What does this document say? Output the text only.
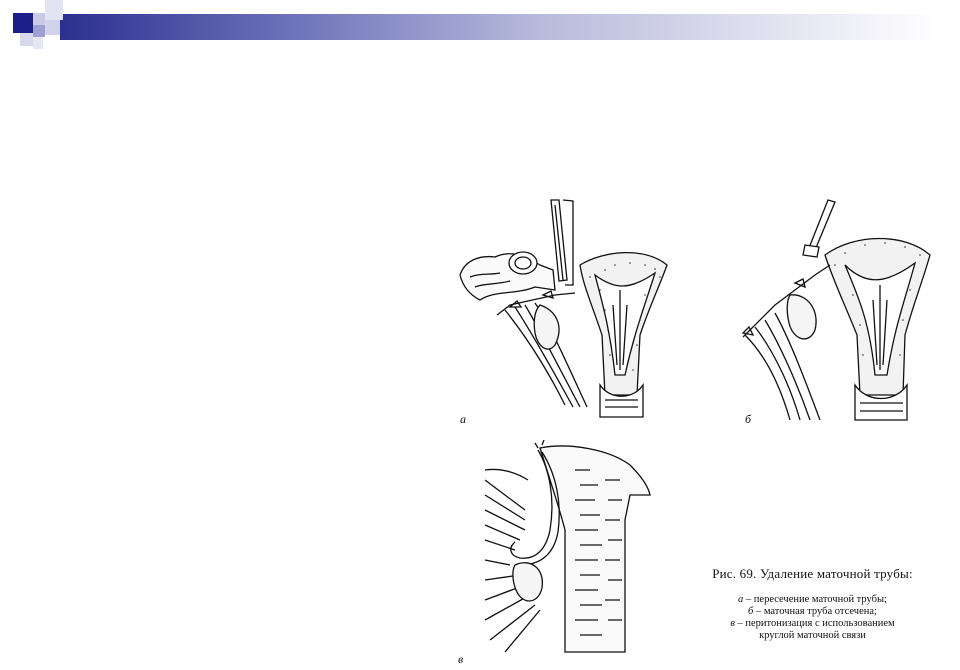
а	б
в

Рис. 69. Удаление маточной трубы:

а – пересечение маточной трубы;

б – маточная труба отсечена;

в – перитонизация с использованием

круглой маточной связи
